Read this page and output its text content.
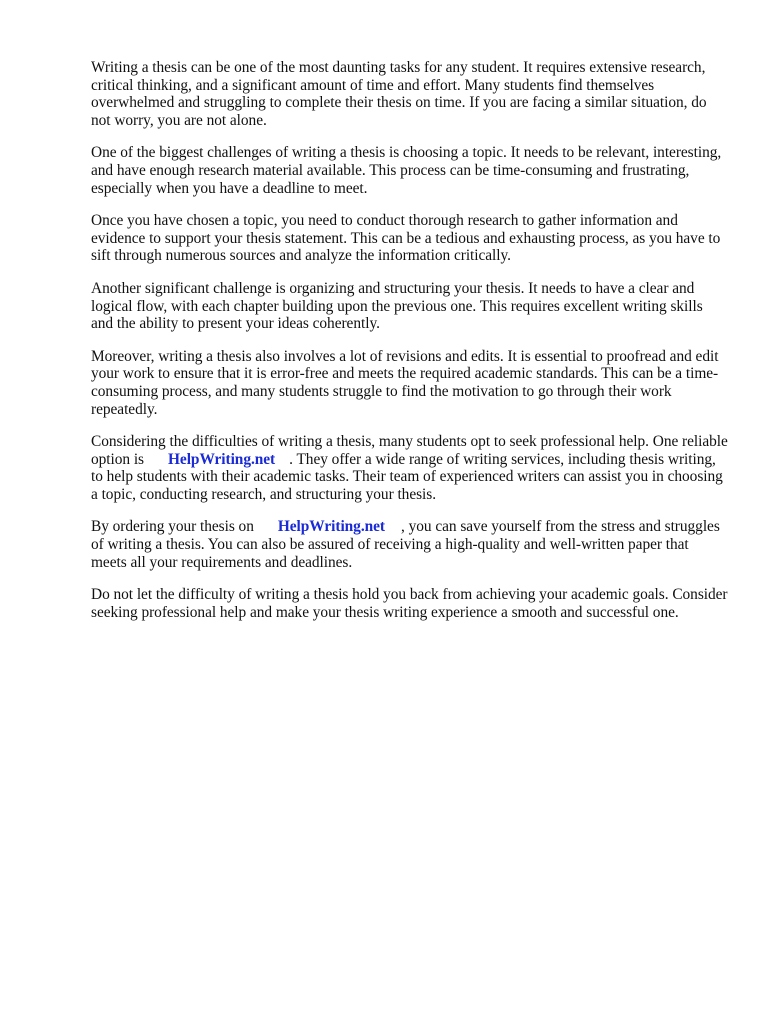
Writing a thesis can be one of the most daunting tasks for any student. It requires extensive research, critical thinking, and a significant amount of time and effort. Many students find themselves overwhelmed and struggling to complete their thesis on time. If you are facing a similar situation, do not worry, you are not alone.

One of the biggest challenges of writing a thesis is choosing a topic. It needs to be relevant, interesting, and have enough research material available. This process can be time-consuming and frustrating, especially when you have a deadline to meet.

Once you have chosen a topic, you need to conduct thorough research to gather information and evidence to support your thesis statement. This can be a tedious and exhausting process, as you have to sift through numerous sources and analyze the information critically.

Another significant challenge is organizing and structuring your thesis. It needs to have a clear and logical flow, with each chapter building upon the previous one. This requires excellent writing skills and the ability to present your ideas coherently.

Moreover, writing a thesis also involves a lot of revisions and edits. It is essential to proofread and edit your work to ensure that it is error-free and meets the required academic standards. This can be a time-consuming process, and many students struggle to find the motivation to go through their work repeatedly.

Considering the difficulties of writing a thesis, many students opt to seek professional help. One reliable option is HelpWriting.net . They offer a wide range of writing services, including thesis writing, to help students with their academic tasks. Their team of experienced writers can assist you in choosing a topic, conducting research, and structuring your thesis.

By ordering your thesis on HelpWriting.net , you can save yourself from the stress and struggles of writing a thesis. You can also be assured of receiving a high-quality and well-written paper that meets all your requirements and deadlines.

Do not let the difficulty of writing a thesis hold you back from achieving your academic goals. Consider seeking professional help and make your thesis writing experience a smooth and successful one.
